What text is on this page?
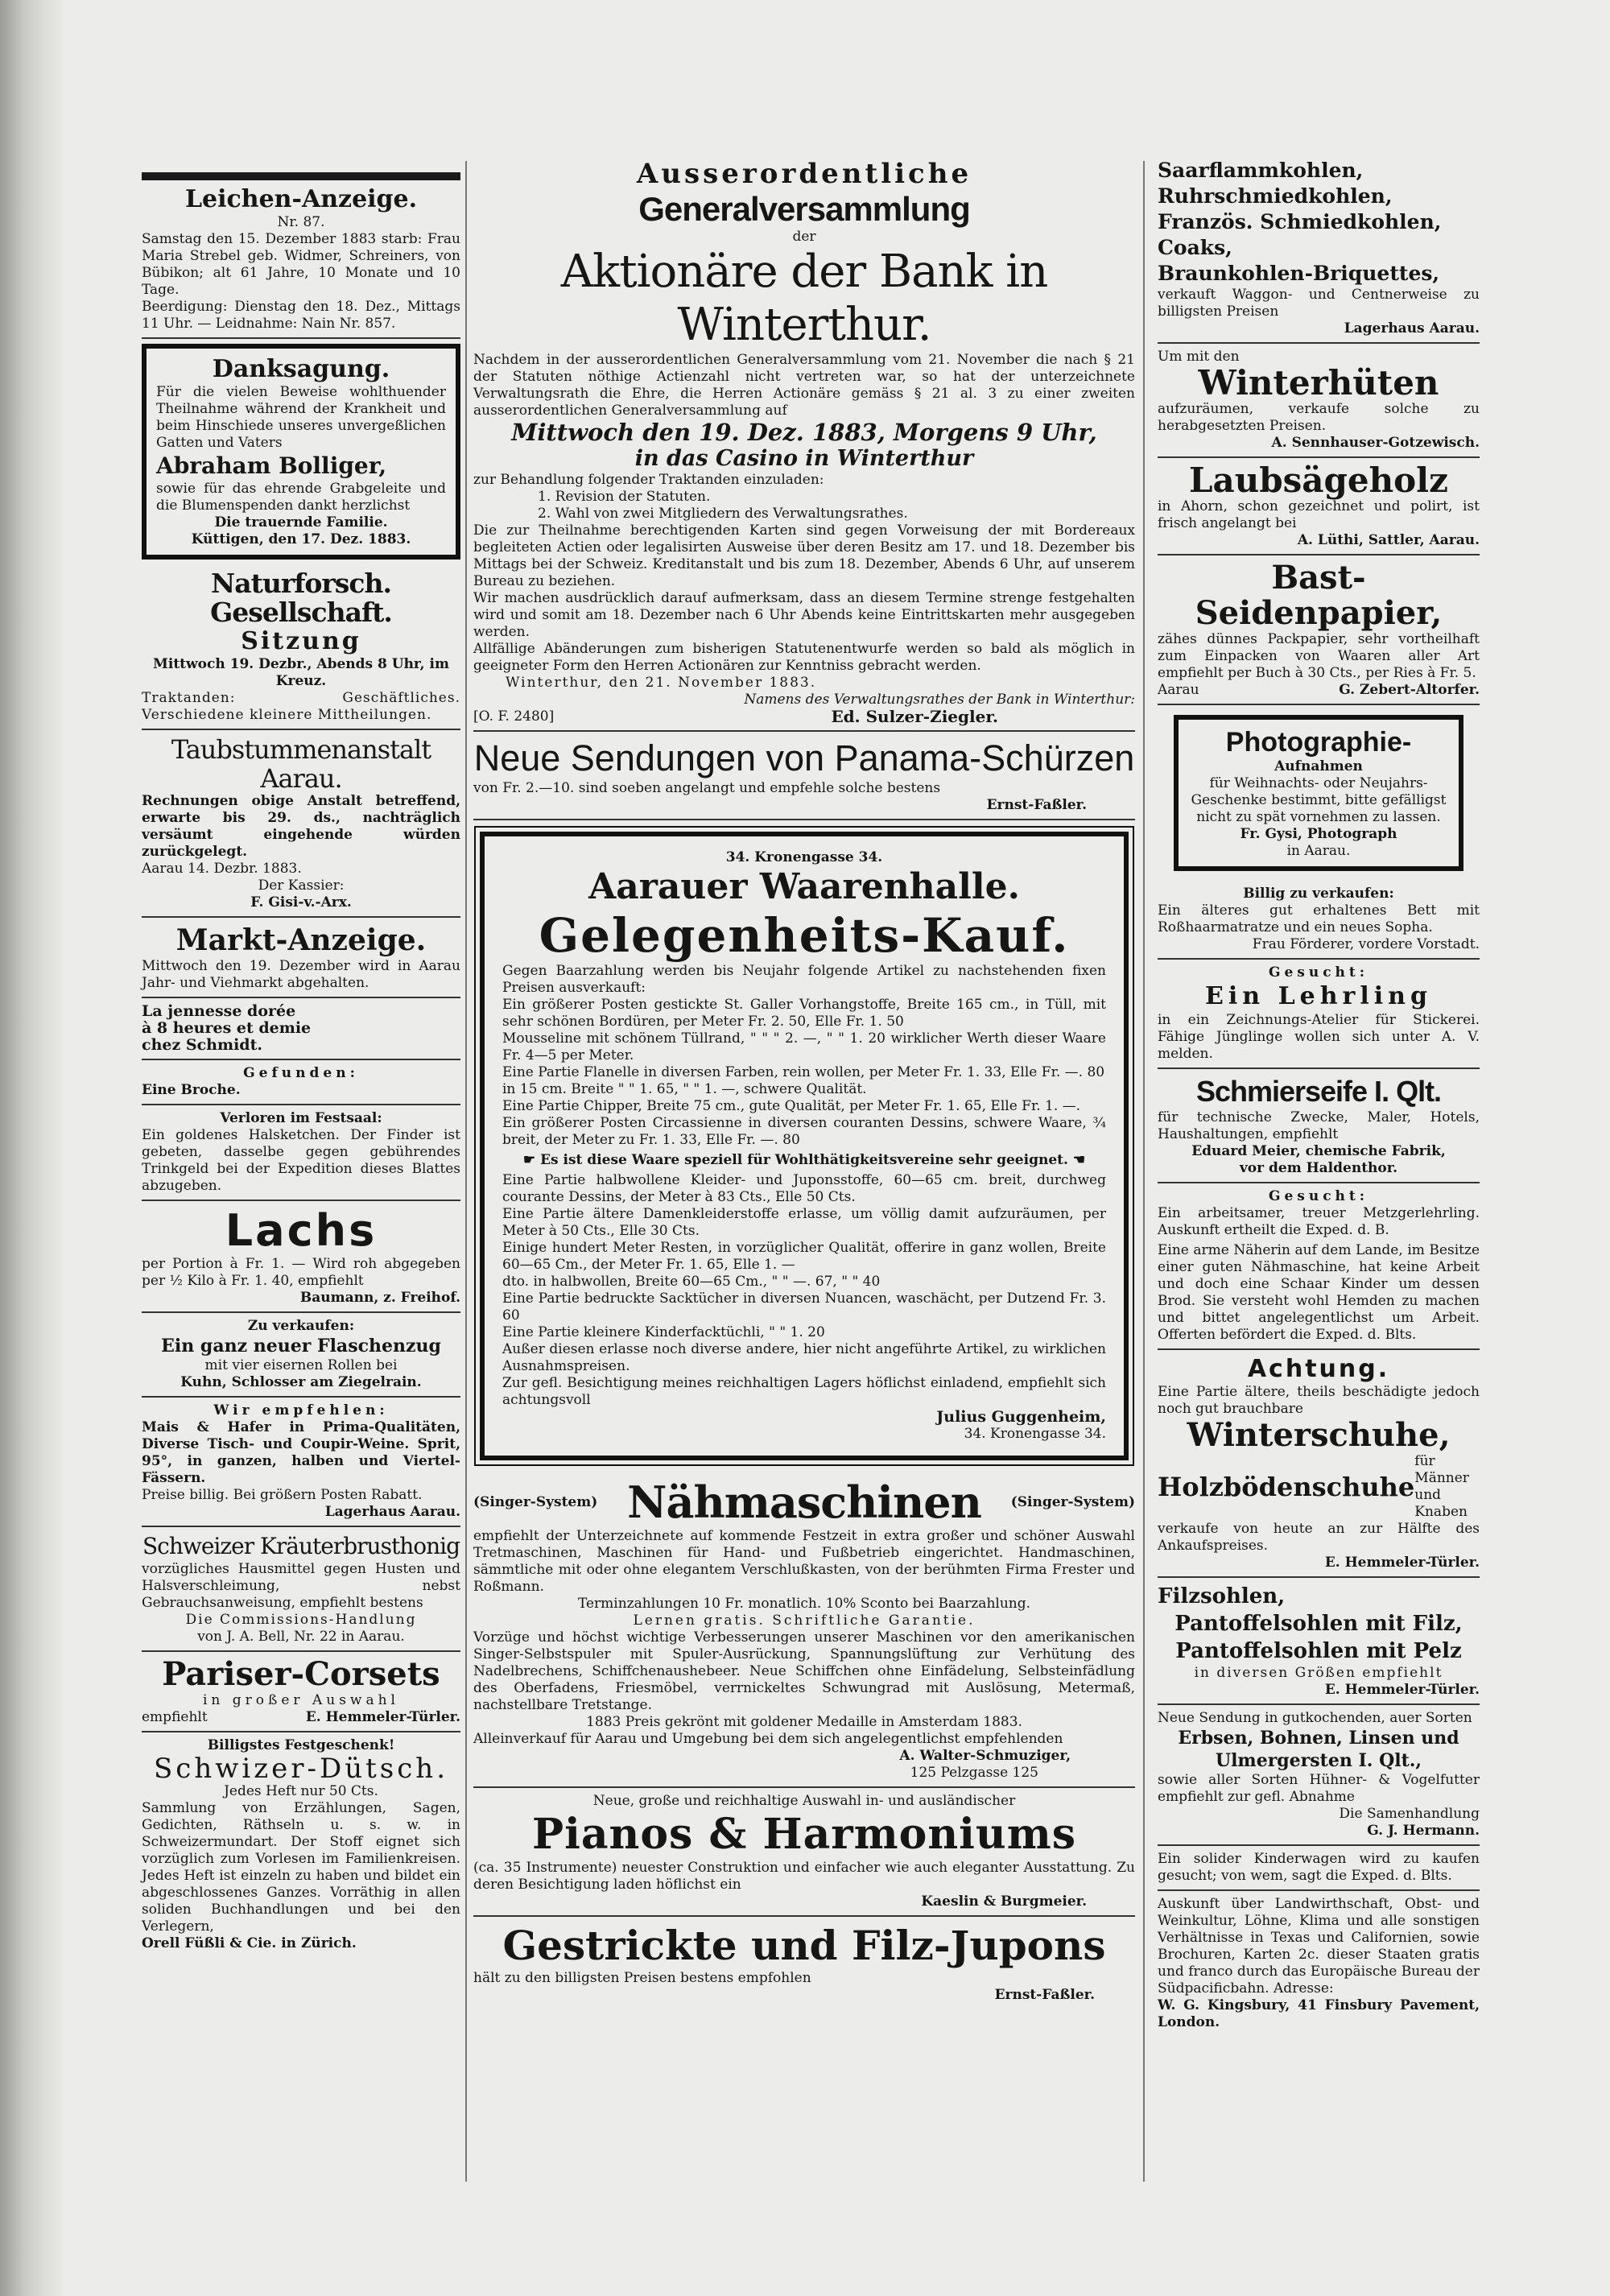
Leichen-Anzeige.
Nr. 87.
Samstag den 15. Dezember 1883 starb: Frau Maria Strebel geb. Widmer, Schreiners, von Bübikon; alt 61 Jahre, 10 Monate und 10 Tage.
Beerdigung: Dienstag den 18. Dez., Mittags 11 Uhr. — Leidnahme: Nain Nr. 857.
Danksagung.
Für die vielen Beweise wohlthuender Theilnahme während der Krankheit und beim Hinschiede unseres unvergeßlichen Gatten und Vaters
Abraham Bolliger,
sowie für das ehrende Grabgeleite und die Blumenspenden dankt herzlichst
Die trauernde Familie.
Küttigen, den 17. Dez. 1883.
Naturforsch. Gesellschaft.
Sitzung
Mittwoch 19. Dezbr., Abends 8 Uhr, im Kreuz.
Traktanden: Geschäftliches. Verschiedene kleinere Mittheilungen.
Taubstummenanstalt Aarau.
Rechnungen obige Anstalt betreffend, erwarte bis 29. ds., nachträglich versäumt eingehende würden zurückgelegt.
Aarau 14. Dezbr. 1883.
Der Kassier:
F. Gisi-v.-Arx.
Markt-Anzeige.
Mittwoch den 19. Dezember wird in Aarau Jahr- und Viehmarkt abgehalten.
La jennesse dorée
à 8 heures et demie
chez Schmidt.
Gefunden:
Eine Broche.
Verloren im Festsaal:
Ein goldenes Halsketchen. Der Finder ist gebeten, dasselbe gegen gebührendes Trinkgeld bei der Expedition dieses Blattes abzugeben.
Lachs
per Portion à Fr. 1. — Wird roh abgegeben per ½ Kilo à Fr. 1. 40, empfiehlt
Baumann, z. Freihof.
Zu verkaufen:
Ein ganz neuer Flaschenzug
mit vier eisernen Rollen bei
Kuhn, Schlosser am Ziegelrain.
Wir empfehlen:
Mais & Hafer in Prima-Qualitäten, Diverse Tisch- und Coupir-Weine. Sprit, 95°, in ganzen, halben und Viertel-Fässern.
Preise billig. Bei größern Posten Rabatt.
Lagerhaus Aarau.
Schweizer Kräuterbrusthonig
vorzügliches Hausmittel gegen Husten und Halsverschleimung, nebst Gebrauchsanweisung, empfiehlt bestens
Die Commissions-Handlung
von J. A. Bell, Nr. 22 in Aarau.
Pariser-Corsets
in großer Auswahl
empfiehlt	E. Hemmeler-Türler.
Billigstes Festgeschenk!
Schwizer-Dütsch.
Jedes Heft nur 50 Cts.
Sammlung von Erzählungen, Sagen, Gedichten, Räthseln u. s. w. in Schweizermundart. Der Stoff eignet sich vorzüglich zum Vorlesen im Familienkreisen. Jedes Heft ist einzeln zu haben und bildet ein abgeschlossenes Ganzes. Vorräthig in allen soliden Buchhandlungen und bei den Verlegern,
Orell Füßli & Cie. in Zürich.
Ausserordentliche
Generalversammlung
der
Aktionäre der Bank in Winterthur.
Nachdem in der ausserordentlichen Generalversammlung vom 21. November die nach § 21 der Statuten nöthige Actienzahl nicht vertreten war, so hat der unterzeichnete Verwaltungsrath die Ehre, die Herren Actionäre gemäss § 21 al. 3 zu einer zweiten ausserordentlichen Generalversammlung auf
Mittwoch den 19. Dez. 1883, Morgens 9 Uhr,
in das Casino in Winterthur
zur Behandlung folgender Traktanden einzuladen:
1. Revision der Statuten.
2. Wahl von zwei Mitgliedern des Verwaltungsrathes.
Die zur Theilnahme berechtigenden Karten sind gegen Vorweisung der mit Bordereaux begleiteten Actien oder legalisirten Ausweise über deren Besitz am 17. und 18. Dezember bis Mittags bei der Schweiz. Kreditanstalt und bis zum 18. Dezember, Abends 6 Uhr, auf unserem Bureau zu beziehen.
Wir machen ausdrücklich darauf aufmerksam, dass an diesem Termine strenge festgehalten wird und somit am 18. Dezember nach 6 Uhr Abends keine Eintrittskarten mehr ausgegeben werden.
Allfällige Abänderungen zum bisherigen Statutenentwurfe werden so bald als möglich in geeigneter Form den Herren Actionären zur Kenntniss gebracht werden.
Winterthur, den 21. November 1883.
Namens des Verwaltungsrathes der Bank in Winterthur:
[O. F. 2480]	Ed. Sulzer-Ziegler.
Neue Sendungen von Panama-Schürzen
von Fr. 2.—10. sind soeben angelangt und empfehle solche bestens
Ernst-Faßler.
34. Kronengasse 34.
Aarauer Waarenhalle.
Gelegenheits-Kauf.
Gegen Baarzahlung werden bis Neujahr folgende Artikel zu nachstehenden fixen Preisen ausverkauft:
Ein größerer Posten gestickte St. Galler Vorhangstoffe, Breite 165 cm., in Tüll, mit sehr schönen Bordüren, per Meter Fr. 2. 50, Elle Fr. 1. 50
Mousseline mit schönem Tüllrand, " " " 2. —, " " 1. 20 wirklicher Werth dieser Waare Fr. 4—5 per Meter.
Eine Partie Flanelle in diversen Farben, rein wollen, per Meter Fr. 1. 33, Elle Fr. —. 80
in 15 cm. Breite " " 1. 65, " " 1. —, schwere Qualität.
Eine Partie Chipper, Breite 75 cm., gute Qualität, per Meter Fr. 1. 65, Elle Fr. 1. —.
Ein größerer Posten Circassienne in diversen couranten Dessins, schwere Waare, ¾ breit, der Meter zu Fr. 1. 33, Elle Fr. —. 80
☛ Es ist diese Waare speziell für Wohlthätigkeitsvereine sehr geeignet. ☚
Eine Partie halbwollene Kleider- und Juponsstoffe, 60—65 cm. breit, durchweg courante Dessins, der Meter à 83 Cts., Elle 50 Cts.
Eine Partie ältere Damenkleiderstoffe erlasse, um völlig damit aufzuräumen, per Meter à 50 Cts., Elle 30 Cts.
Einige hundert Meter Resten, in vorzüglicher Qualität, offerire in ganz wollen, Breite 60—65 Cm., der Meter Fr. 1. 65, Elle 1. —
dto. in halbwollen, Breite 60—65 Cm., " " —. 67, " " 40
Eine Partie bedruckte Sacktücher in diversen Nuancen, waschächt, per Dutzend Fr. 3. 60
Eine Partie kleinere Kinderfacktüchli, " " 1. 20
Außer diesen erlasse noch diverse andere, hier nicht angeführte Artikel, zu wirklichen Ausnahmspreisen.
Zur gefl. Besichtigung meines reichhaltigen Lagers höflichst einladend, empfiehlt sich achtungsvoll
Julius Guggenheim,
34. Kronengasse 34.
(Singer-System) Nähmaschinen (Singer-System)
empfiehlt der Unterzeichnete auf kommende Festzeit in extra großer und schöner Auswahl Tretmaschinen, Maschinen für Hand- und Fußbetrieb eingerichtet. Handmaschinen, sämmtliche mit oder ohne elegantem Verschlußkasten, von der berühmten Firma Frester und Roßmann.
Terminzahlungen 10 Fr. monatlich. 10% Sconto bei Baarzahlung.
Lernen gratis. Schriftliche Garantie.
Vorzüge und höchst wichtige Verbesserungen unserer Maschinen vor den amerikanischen Singer-Selbstspuler mit Spuler-Ausrückung, Spannungslüftung zur Verhütung des Nadelbrechens, Schiffchenaushebeer. Neue Schiffchen ohne Einfädelung, Selbsteinfädlung des Oberfadens, Friesmöbel, verrnickeltes Schwungrad mit Auslösung, Metermaß, nachstellbare Tretstange.
1883 Preis gekrönt mit goldener Medaille in Amsterdam 1883.
Alleinverkauf für Aarau und Umgebung bei dem sich angelegentlichst empfehlenden
A. Walter-Schmuziger,
125 Pelzgasse 125
Neue, große und reichhaltige Auswahl in- und ausländischer
Pianos & Harmoniums
(ca. 35 Instrumente) neuester Construktion und einfacher wie auch eleganter Ausstattung. Zu deren Besichtigung laden höflichst ein
Kaeslin & Burgmeier.
Gestrickte und Filz-Jupons
hält zu den billigsten Preisen bestens empfohlen
Ernst-Faßler.
Saarflammkohlen,
Ruhrschmiedkohlen,
Französ. Schmiedkohlen,
Coaks,
Braunkohlen-Briquettes,
verkauft Waggon- und Centnerweise zu billigsten Preisen
Lagerhaus Aarau.
Um mit den
Winterhüten
aufzuräumen, verkaufe solche zu herabgesetzten Preisen.
A. Sennhauser-Gotzewisch.
Laubsägeholz
in Ahorn, schon gezeichnet und polirt, ist frisch angelangt bei
A. Lüthi, Sattler, Aarau.
Bast- Seidenpapier,
zähes dünnes Packpapier, sehr vortheilhaft zum Einpacken von Waaren aller Art empfiehlt per Buch à 30 Cts., per Ries à Fr. 5.
Aarau	G. Zebert-Altorfer.
Photographie-
Aufnahmen
für Weihnachts- oder Neujahrs-Geschenke bestimmt, bitte gefälligst nicht zu spät vornehmen zu lassen.
Fr. Gysi, Photograph
in Aarau.
Billig zu verkaufen:
Ein älteres gut erhaltenes Bett mit Roßhaarmatratze und ein neues Sopha.
Frau Förderer, vordere Vorstadt.
Gesucht:
Ein Lehrling
in ein Zeichnungs-Atelier für Stickerei. Fähige Jünglinge wollen sich unter A. V. melden.
Schmierseife I. Qlt.
für technische Zwecke, Maler, Hotels, Haushaltungen, empfiehlt
Eduard Meier, chemische Fabrik,
vor dem Haldenthor.
Gesucht:
Ein arbeitsamer, treuer Metzgerlehrling. Auskunft ertheilt die Exped. d. B.
Eine arme Näherin auf dem Lande, im Besitze einer guten Nähmaschine, hat keine Arbeit und doch eine Schaar Kinder um dessen Brod. Sie versteht wohl Hemden zu machen und bittet angelegentlichst um Arbeit. Offerten befördert die Exped. d. Blts.
Achtung.
Eine Partie ältere, theils beschädigte jedoch noch gut brauchbare
Winterschuhe,
Holzbödenschuhe
für Männer und Knaben
verkaufe von heute an zur Hälfte des Ankaufspreises.
E. Hemmeler-Türler.
Filzsohlen,
Pantoffelsohlen mit Filz,
Pantoffelsohlen mit Pelz
in diversen Größen empfiehlt
E. Hemmeler-Türler.
Neue Sendung in gutkochenden, auer Sorten
Erbsen, Bohnen, Linsen und
Ulmergersten I. Qlt.,
sowie aller Sorten Hühner- & Vogelfutter empfiehlt zur gefl. Abnahme
Die Samenhandlung
G. J. Hermann.
Ein solider Kinderwagen wird zu kaufen gesucht; von wem, sagt die Exped. d. Blts.
Auskunft über Landwirthschaft, Obst- und Weinkultur, Löhne, Klima und alle sonstigen Verhältnisse in Texas und Californien, sowie Brochuren, Karten 2c. dieser Staaten gratis und franco durch das Europäische Bureau der Südpacificbahn. Adresse:
W. G. Kingsbury, 41 Finsbury Pavement, London.
